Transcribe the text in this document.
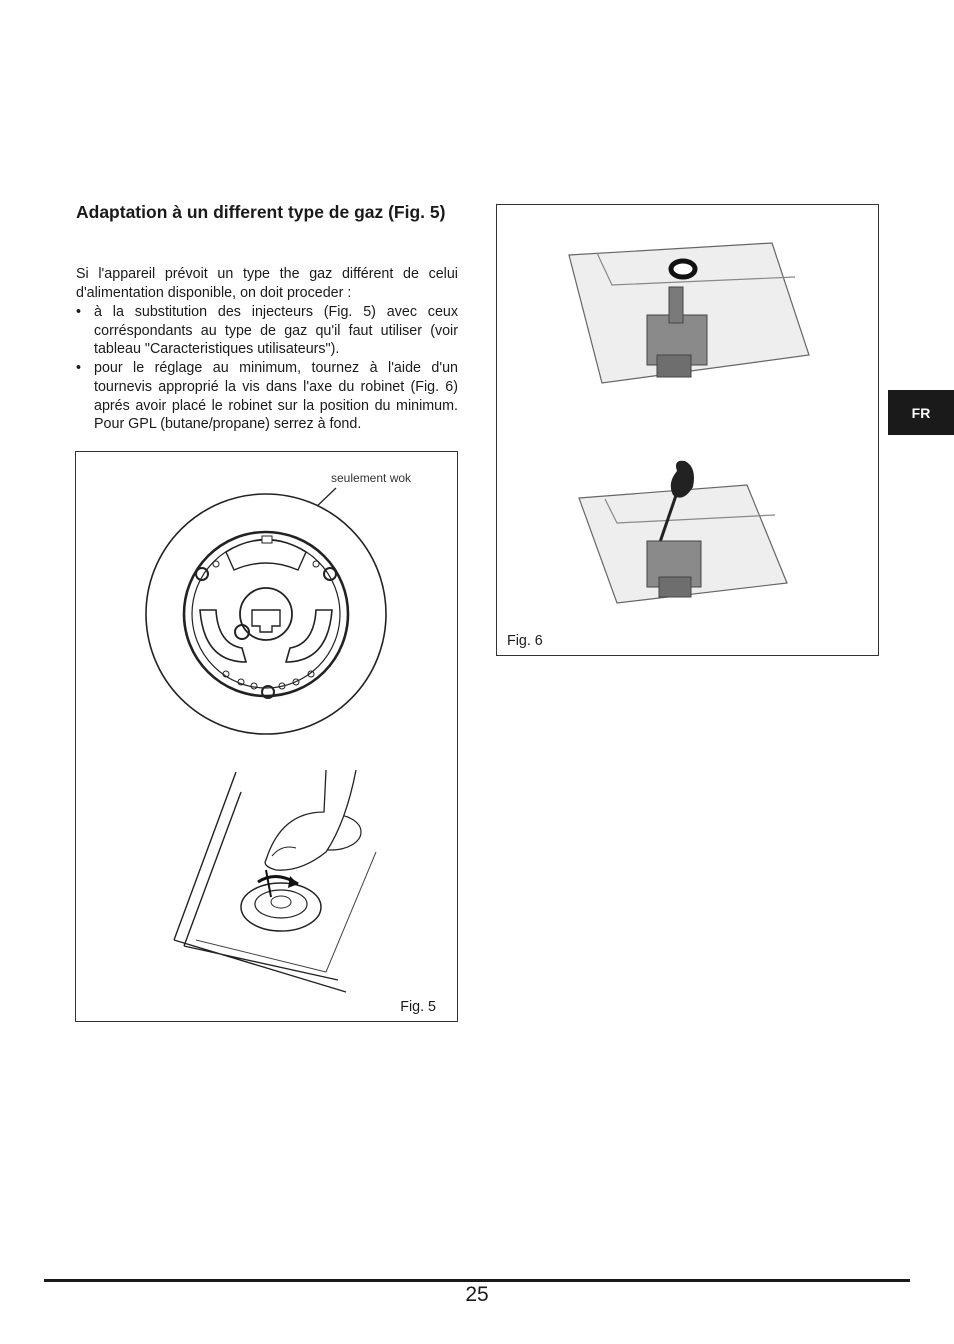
Adaptation à un different type de gaz (Fig. 5)
Si l'appareil prévoit un type the gaz différent de celui d'alimentation disponible, on doit proceder :
• à la substitution des injecteurs (Fig. 5) avec ceux corréspondants au type de gaz qu'il faut utiliser (voir tableau "Caracteristiques utilisateurs").
• pour le réglage au minimum, tournez à l'aide d'un tournevis approprié la vis dans l'axe du robinet (Fig. 6) aprés avoir placé le robinet sur la position du minimum. Pour GPL (butane/propane) serrez à fond.
seulement wok
Fig. 5
Fig. 6
FR
25
